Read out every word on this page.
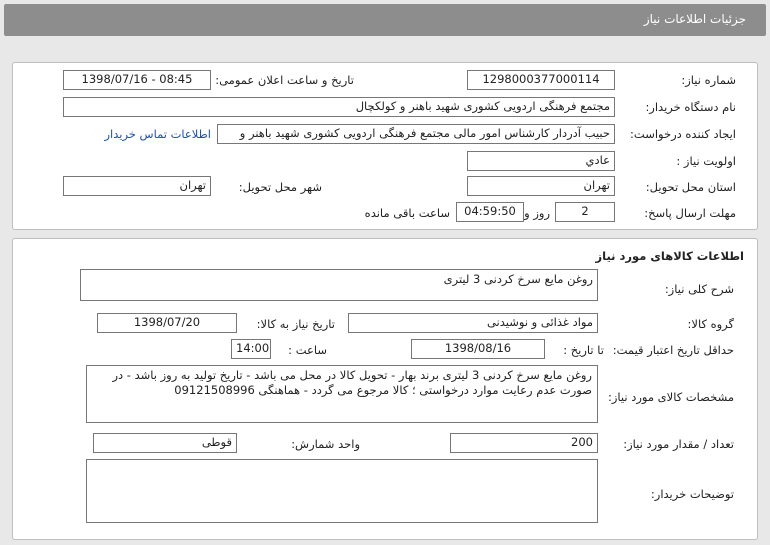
جزئیات اطلاعات نیاز
شماره نیاز:
1298000377000114
تاریخ و ساعت اعلان عمومی:
1398/07/16 - 08:45
نام دستگاه خریدار:
مجتمع فرهنگی اردویی کشوری شهید باهنر و کولکچال
ایجاد کننده درخواست:
حبیب آدردار کارشناس امور مالی مجتمع فرهنگی اردویی کشوری شهید باهنر و
اطلاعات تماس خریدار
اولویت نیاز :
عادي
استان محل تحویل:
تهران
شهر محل تحویل:
تهران
مهلت ارسال پاسخ:
2
روز و
04:59:50
ساعت باقی مانده
اطلاعات کالاهای مورد نیاز
شرح کلی نیاز:
روغن مایع سرخ کردنی 3 لیتری
گروه کالا:
مواد غذائی و نوشیدنی
تاریخ نیاز به کالا:
1398/07/20
حداقل تاریخ اعتبار قیمت:
تا تاریخ :
1398/08/16
ساعت :
14:00
مشخصات کالای مورد نیاز:
روغن مایع سرخ کردنی 3 لیتری برند بهار - تحویل کالا در محل می باشد - تاریخ تولید به روز باشد - در صورت عدم رعایت موارد درخواستی ؛ کالا مرجوع می گردد - هماهنگی 09121508996
تعداد / مقدار مورد نیاز:
200
واحد شمارش:
قوطی
توضیحات خریدار:
